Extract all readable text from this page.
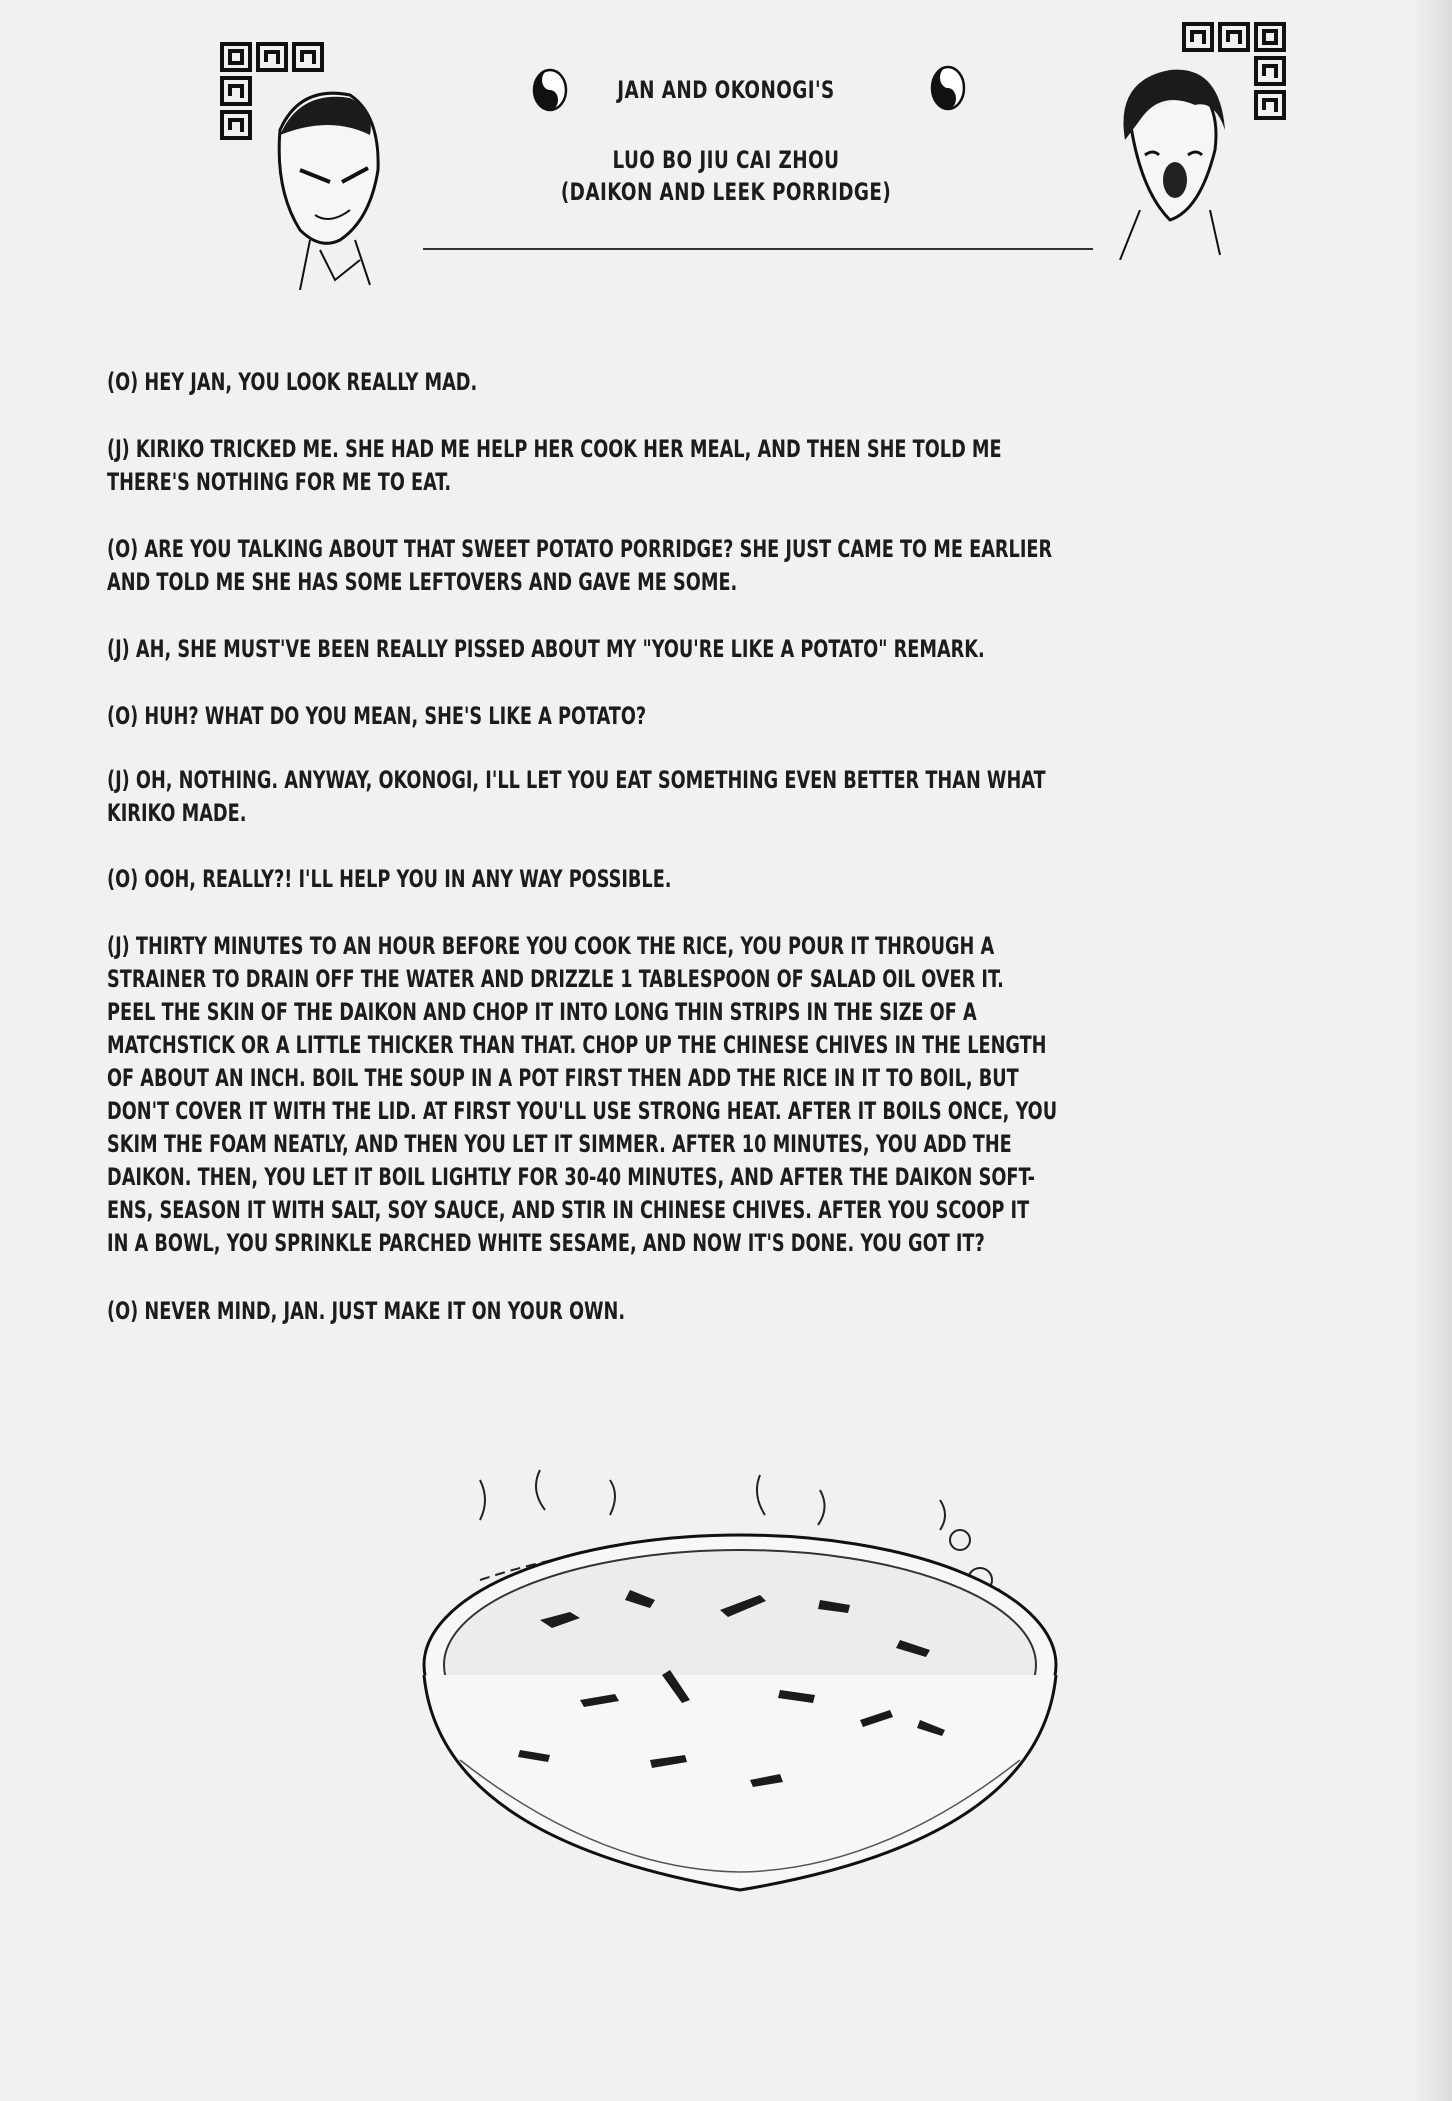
JAN AND OKONOGI'S
LUO BO JIU CAI ZHOU
(DAIKON AND LEEK PORRIDGE)
(O) HEY JAN, YOU LOOK REALLY MAD.
(J) KIRIKO TRICKED ME. SHE HAD ME HELP HER COOK HER MEAL, AND THEN SHE TOLD ME
THERE'S NOTHING FOR ME TO EAT.
(O) ARE YOU TALKING ABOUT THAT SWEET POTATO PORRIDGE? SHE JUST CAME TO ME EARLIER
AND TOLD ME SHE HAS SOME LEFTOVERS AND GAVE ME SOME.
(J) AH, SHE MUST'VE BEEN REALLY PISSED ABOUT MY "YOU'RE LIKE A POTATO" REMARK.
(O) HUH? WHAT DO YOU MEAN, SHE'S LIKE A POTATO?
(J) OH, NOTHING. ANYWAY, OKONOGI, I'LL LET YOU EAT SOMETHING EVEN BETTER THAN WHAT
KIRIKO MADE.
(O) OOH, REALLY?! I'LL HELP YOU IN ANY WAY POSSIBLE.
(J) THIRTY MINUTES TO AN HOUR BEFORE YOU COOK THE RICE, YOU POUR IT THROUGH A
STRAINER TO DRAIN OFF THE WATER AND DRIZZLE 1 TABLESPOON OF SALAD OIL OVER IT.
PEEL THE SKIN OF THE DAIKON AND CHOP IT INTO LONG THIN STRIPS IN THE SIZE OF A
MATCHSTICK OR A LITTLE THICKER THAN THAT. CHOP UP THE CHINESE CHIVES IN THE LENGTH
OF ABOUT AN INCH. BOIL THE SOUP IN A POT FIRST THEN ADD THE RICE IN IT TO BOIL, BUT
DON'T COVER IT WITH THE LID. AT FIRST YOU'LL USE STRONG HEAT. AFTER IT BOILS ONCE, YOU
SKIM THE FOAM NEATLY, AND THEN YOU LET IT SIMMER. AFTER 10 MINUTES, YOU ADD THE
DAIKON. THEN, YOU LET IT BOIL LIGHTLY FOR 30-40 MINUTES, AND AFTER THE DAIKON SOFT-
ENS, SEASON IT WITH SALT, SOY SAUCE, AND STIR IN CHINESE CHIVES. AFTER YOU SCOOP IT
IN A BOWL, YOU SPRINKLE PARCHED WHITE SESAME, AND NOW IT'S DONE. YOU GOT IT?
(O) NEVER MIND, JAN. JUST MAKE IT ON YOUR OWN.
